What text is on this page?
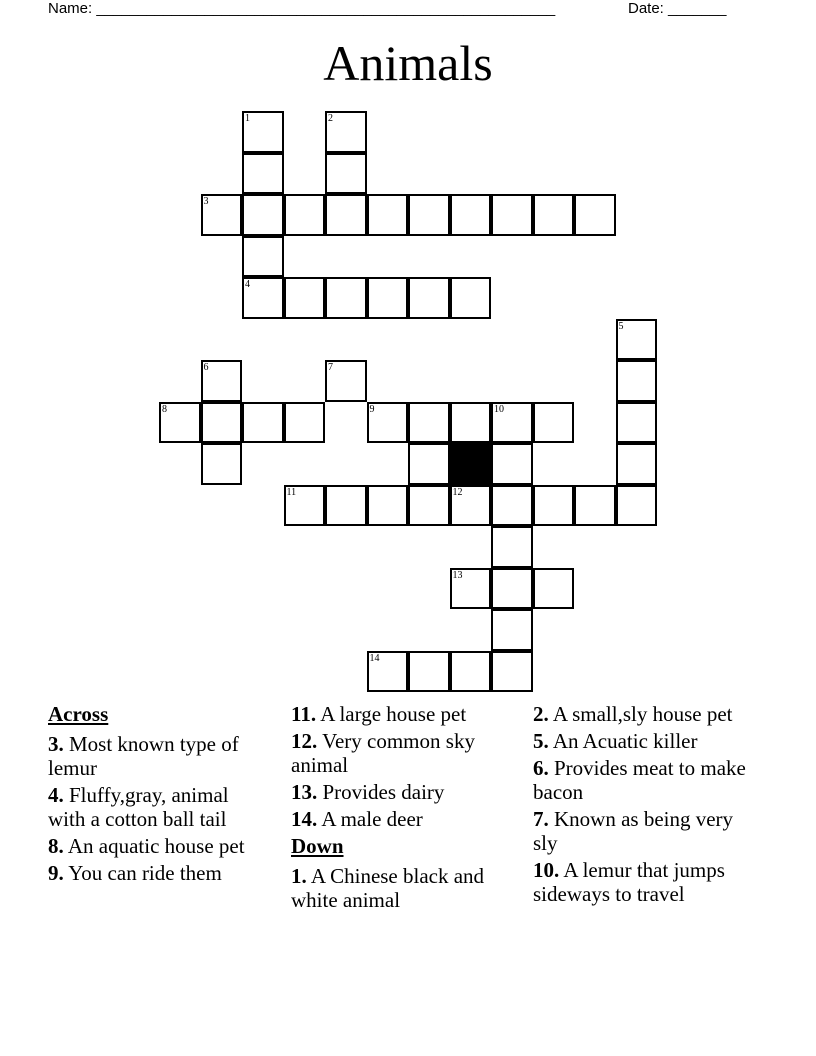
Name: _______________________________________________________	Date: _______
Animals
1	2
3
4
5
6	7
8	9	10
11	12
13
14
Across
3. Most known type of lemur
4. Fluffy,gray, animal with a cotton ball tail
8. An aquatic house pet
9. You can ride them
11. A large house pet
12. Very common sky animal
13. Provides dairy
14. A male deer
Down
1. A Chinese black and white animal
2. A small,sly house pet
5. An Acuatic killer
6. Provides meat to make bacon
7. Known as being very sly
10. A lemur that jumps sideways to travel
